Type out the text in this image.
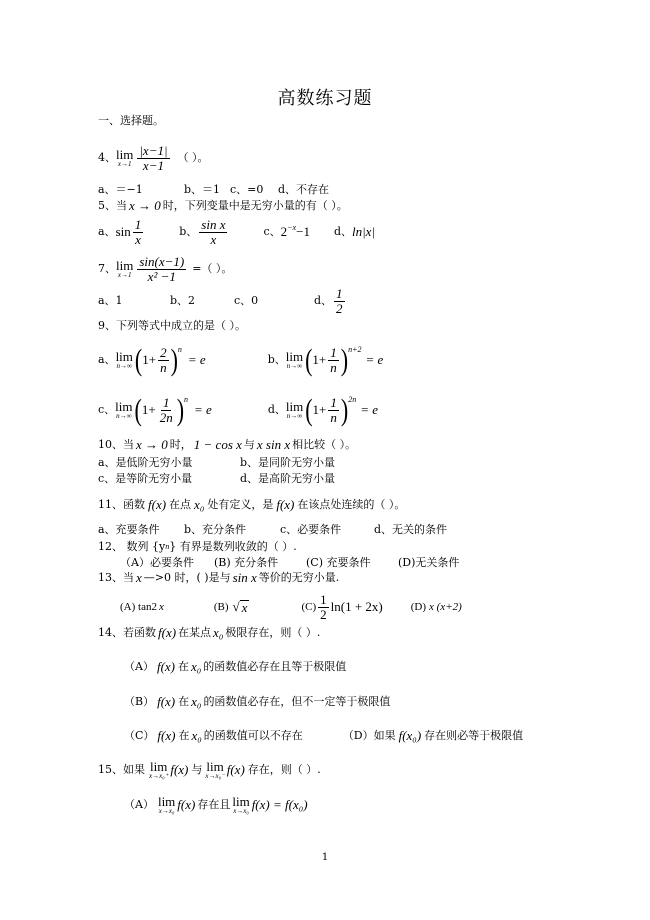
高数练习题
一、选择题。
4、 lim
$x\to 1 \frac{|x-1|}{x-1}$ （ ）。
a、＝−1	b、＝1 c、=0	d、不存在
5、当 x → 0 时，下列变量中是无穷小量的有（ ）。
a、 $\sin \frac{1}{x}$	b、 $\frac{\text{sin x}}{x}$	c、 $2^{-x} -1$ d、 ln|x|
7、 lim
$x\to 1 \frac{\sin(x-1)}{\text{x² −1}}$ =（ ）。
a、1	b、2	c、0	d、 $\frac{1}{2}$
9、下列等式中成立的是（ ）。
a、 lim
n→∞ ( $1+ \frac{2}{n} )^n$
= e	b、 lim
n→∞ ( $1+ \frac{1}{n} )^{n+2}$
= e
c、 lim
n→∞ ( $1+ \frac{1}{2n} )^n$
= e	d、 lim
n→∞ ( $1+ \frac{1}{n} )^{2n}$
= e
10、当 x → 0 时， 1 − cos x 与 x sin x 相比较（ ）。
a、是低阶无穷小量	b、是同阶无穷小量
c、是等阶无穷小量	d、是高阶无穷小量
11、函数 f(x) 在点 x₀ 处有定义，是 f(x) 在该点处连续的（ ）。
a、充要条件	b、充分条件	c、必要条件	d、无关的条件
12、 数列 {y n } 有界是数列收敛的（ ）.
（A）必要条件	(B) 充分条件	(C) 充要条件	(D)无关条件
13、当 x —>0 时，( )是与 sin x 等价的无穷小量.
(A) tan2 x	(B) √ x	$(C) \frac{1}{2} \ln(1 + 2x)$	(D) x (x+2)
14、若函数 f(x) 在某点 x₀ 极限存在，则（ ）.
（A） f(x) 在 x₀ 的函数值必存在且等于极限值
（B） f(x) 在 x₀ 的函数值必存在，但不一定等于极限值
（C） f(x) 在 x₀ 的函数值可以不存在	（D）如果 f(x₀) 存在则必等于极限值
15、如果 lim
x→x₀⁺ f(x) 与 lim
x→x₀⁻ f(x) 存在，则（ ）.
（A） lim
x→x₀ f(x) 存在且 lim
x→x₀ f(x) = f(x₀)
1
